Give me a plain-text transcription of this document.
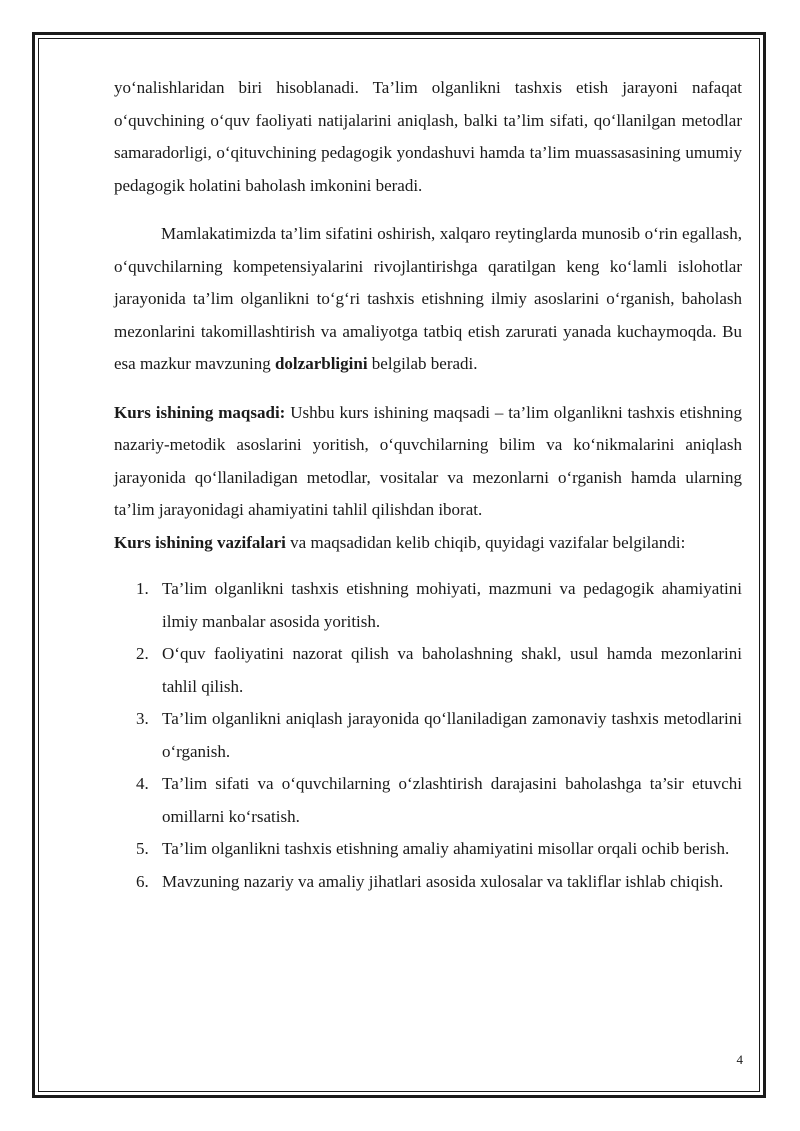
yo‘nalishlaridan biri hisoblanadi. Ta’lim olganlikni tashxis etish jarayoni nafaqat o‘quvchining o‘quv faoliyati natijalarini aniqlash, balki ta’lim sifati, qo‘llanilgan metodlar samaradorligi, o‘qituvchining pedagogik yondashuvi hamda ta’lim muassasasining umumiy pedagogik holatini baholash imkonini beradi.

Mamlakatimizda ta’lim sifatini oshirish, xalqaro reytinglarda munosib o‘rin egallash, o‘quvchilarning kompetensiyalarini rivojlantirishga qaratilgan keng ko‘lamli islohotlar jarayonida ta’lim olganlikni to‘g‘ri tashxis etishning ilmiy asoslarini o‘rganish, baholash mezonlarini takomillashtirish va amaliyotga tatbiq etish zarurati yanada kuchaymoqda. Bu esa mazkur mavzuning dolzarbligini belgilab beradi.

Kurs ishining maqsadi: Ushbu kurs ishining maqsadi – ta’lim olganlikni tashxis etishning nazariy-metodik asoslarini yoritish, o‘quvchilarning bilim va ko‘nikmalarini aniqlash jarayonida qo‘llaniladigan metodlar, vositalar va mezonlarni o‘rganish hamda ularning ta’lim jarayonidagi ahamiyatini tahlil qilishdan iborat.

Kurs ishining vazifalari va maqsadidan kelib chiqib, quyidagi vazifalar belgilandi:

1. Ta’lim olganlikni tashxis etishning mohiyati, mazmuni va pedagogik ahamiyatini ilmiy manbalar asosida yoritish.
2. O‘quv faoliyatini nazorat qilish va baholashning shakl, usul hamda mezonlarini tahlil qilish.
3. Ta’lim olganlikni aniqlash jarayonida qo‘llaniladigan zamonaviy tashxis metodlarini o‘rganish.
4. Ta’lim sifati va o‘quvchilarning o‘zlashtirish darajasini baholashga ta’sir etuvchi omillarni ko‘rsatish.
5. Ta’lim olganlikni tashxis etishning amaliy ahamiyatini misollar orqali ochib berish.
6. Mavzuning nazariy va amaliy jihatlari asosida xulosalar va takliflar ishlab chiqish.
4
